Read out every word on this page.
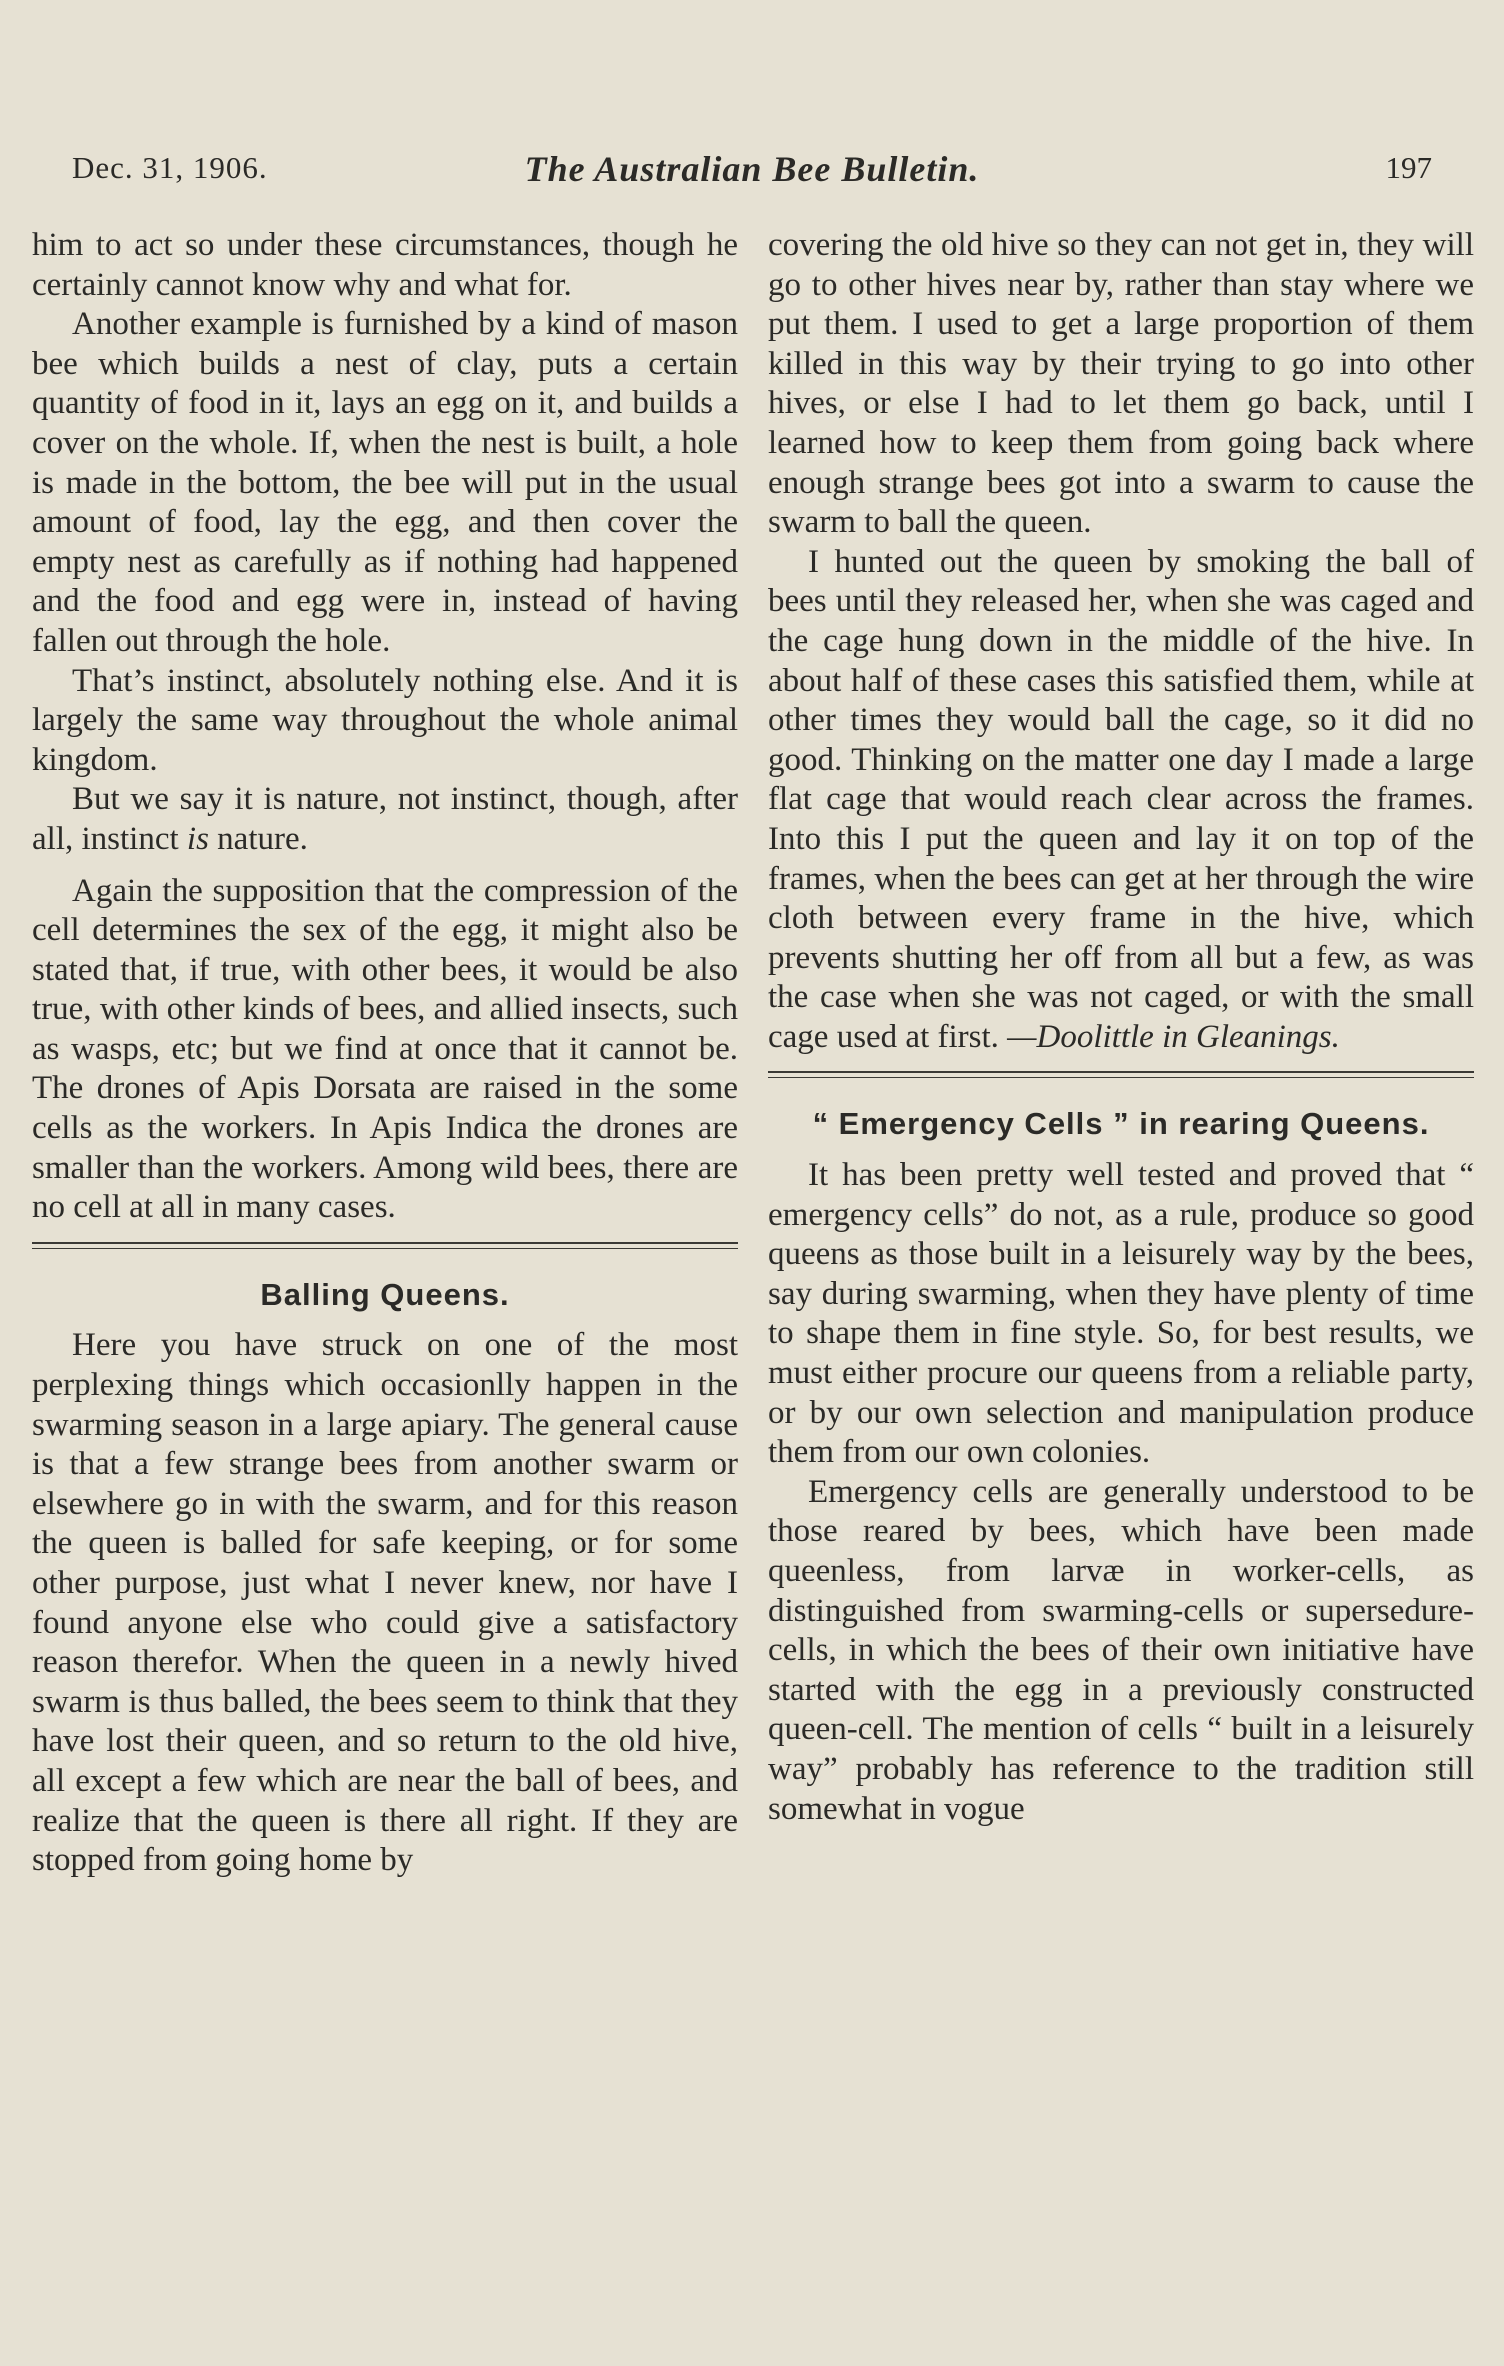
Dec. 31, 1906.	The Australian Bee Bulletin.	197

him to act so under these circumstances, though he certainly cannot know why and what for.

Another example is furnished by a kind of mason bee which builds a nest of clay, puts a certain quantity of food in it, lays an egg on it, and builds a cover on the whole. If, when the nest is built, a hole is made in the bottom, the bee will put in the usual amount of food, lay the egg, and then cover the empty nest as carefully as if nothing had happened and the food and egg were in, instead of having fallen out through the hole.

That’s instinct, absolutely nothing else. And it is largely the same way throughout the whole animal kingdom.

But we say it is nature, not instinct, though, after all, instinct is nature.

Again the supposition that the compression of the cell determines the sex of the egg, it might also be stated that, if true, with other bees, it would be also true, with other kinds of bees, and allied insects, such as wasps, etc; but we find at once that it cannot be. The drones of Apis Dorsata are raised in the some cells as the workers. In Apis Indica the drones are smaller than the workers. Among wild bees, there are no cell at all in many cases.

Balling Queens.

Here you have struck on one of the most perplexing things which occasionlly happen in the swarming season in a large apiary. The general cause is that a few strange bees from another swarm or elsewhere go in with the swarm, and for this reason the queen is balled for safe keeping, or for some other purpose, just what I never knew, nor have I found anyone else who could give a satisfactory reason therefor. When the queen in a newly hived swarm is thus balled, the bees seem to think that they have lost their queen, and so return to the old hive, all except a few which are near the ball of bees, and realize that the queen is there all right. If they are stopped from going home by

covering the old hive so they can not get in, they will go to other hives near by, rather than stay where we put them. I used to get a large proportion of them killed in this way by their trying to go into other hives, or else I had to let them go back, until I learned how to keep them from going back where enough strange bees got into a swarm to cause the swarm to ball the queen.

I hunted out the queen by smoking the ball of bees until they released her, when she was caged and the cage hung down in the middle of the hive. In about half of these cases this satisfied them, while at other times they would ball the cage, so it did no good. Thinking on the matter one day I made a large flat cage that would reach clear across the frames. Into this I put the queen and lay it on top of the frames, when the bees can get at her through the wire cloth between every frame in the hive, which prevents shutting her off from all but a few, as was the case when she was not caged, or with the small cage used at first. —Doolittle in Gleanings.

“ Emergency Cells ” in rearing Queens.

It has been pretty well tested and proved that “ emergency cells” do not, as a rule, produce so good queens as those built in a leisurely way by the bees, say during swarming, when they have plenty of time to shape them in fine style. So, for best results, we must either procure our queens from a reliable party, or by our own selection and manipulation produce them from our own colonies.

Emergency cells are generally understood to be those reared by bees, which have been made queenless, from larvæ in worker-cells, as distinguished from swarming-cells or supersedure-cells, in which the bees of their own initiative have started with the egg in a previously constructed queen-cell. The mention of cells “ built in a leisurely way” probably has reference to the tradition still somewhat in vogue
